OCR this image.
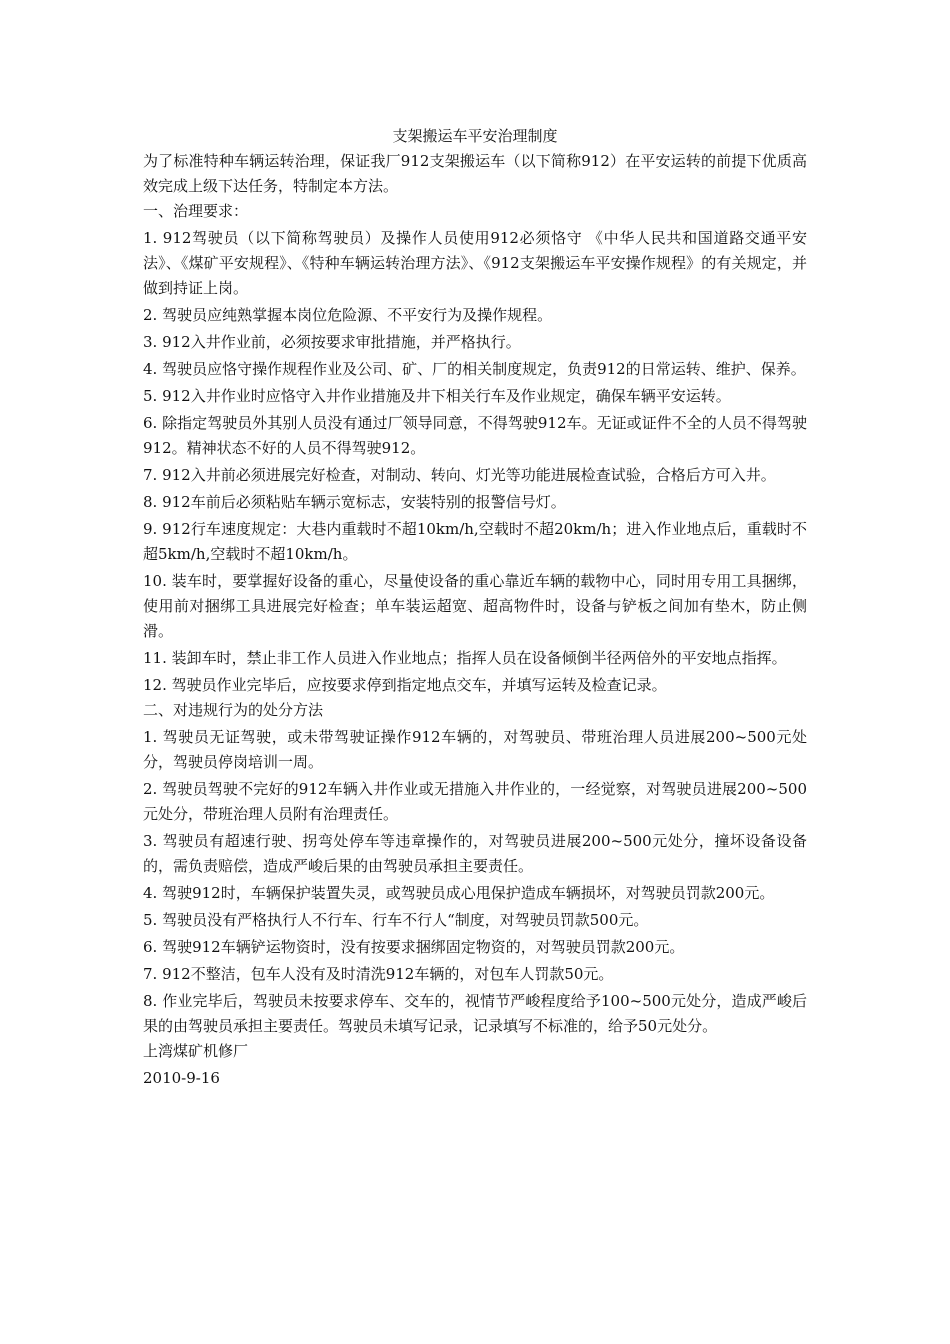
支架搬运车平安治理制度

为了标准特种车辆运转治理，保证我厂912支架搬运车（以下简称912）在平安运转的前提下优质高效完成上级下达任务，特制定本方法。

一、治理要求：

1. 912驾驶员（以下简称驾驶员）及操作人员使用912必须恪守 《中华人民共和国道路交通平安法》、《煤矿平安规程》、《特种车辆运转治理方法》、《912支架搬运车平安操作规程》的有关规定，并做到持证上岗。

2. 驾驶员应纯熟掌握本岗位危险源、不平安行为及操作规程。

3. 912入井作业前，必须按要求审批措施，并严格执行。

4. 驾驶员应恪守操作规程作业及公司、矿、厂的相关制度规定，负责912的日常运转、维护、保养。

5. 912入井作业时应恪守入井作业措施及井下相关行车及作业规定，确保车辆平安运转。

6. 除指定驾驶员外其别人员没有通过厂领导同意，不得驾驶912车。无证或证件不全的人员不得驾驶912。精神状态不好的人员不得驾驶912。

7. 912入井前必须进展完好检查，对制动、转向、灯光等功能进展检查试验，合格后方可入井。

8. 912车前后必须粘贴车辆示宽标志，安装特别的报警信号灯。

9. 912行车速度规定：大巷内重载时不超10km/h,空载时不超20km/h；进入作业地点后，重载时不超5km/h,空载时不超10km/h。

10. 装车时，要掌握好设备的重心，尽量使设备的重心靠近车辆的载物中心，同时用专用工具捆绑，使用前对捆绑工具进展完好检查；单车装运超宽、超高物件时，设备与铲板之间加有垫木，防止侧滑。

11. 装卸车时，禁止非工作人员进入作业地点；指挥人员在设备倾倒半径两倍外的平安地点指挥。

12. 驾驶员作业完毕后，应按要求停到指定地点交车，并填写运转及检查记录。

二、对违规行为的处分方法

1. 驾驶员无证驾驶，或未带驾驶证操作912车辆的，对驾驶员、带班治理人员进展200~500元处分，驾驶员停岗培训一周。

2. 驾驶员驾驶不完好的912车辆入井作业或无措施入井作业的，一经觉察，对驾驶员进展200~500元处分，带班治理人员附有治理责任。

3. 驾驶员有超速行驶、拐弯处停车等违章操作的，对驾驶员进展200~500元处分，撞坏设备设备的，需负责赔偿，造成严峻后果的由驾驶员承担主要责任。

4. 驾驶912时，车辆保护装置失灵，或驾驶员成心甩保护造成车辆损坏，对驾驶员罚款200元。

5. 驾驶员没有严格执行人不行车、行车不行人“制度，对驾驶员罚款500元。

6. 驾驶912车辆铲运物资时，没有按要求捆绑固定物资的，对驾驶员罚款200元。

7. 912不整洁，包车人没有及时清洗912车辆的，对包车人罚款50元。

8. 作业完毕后，驾驶员未按要求停车、交车的，视情节严峻程度给予100~500元处分，造成严峻后果的由驾驶员承担主要责任。驾驶员未填写记录，记录填写不标准的，给予50元处分。

上湾煤矿机修厂

2010-9-16
